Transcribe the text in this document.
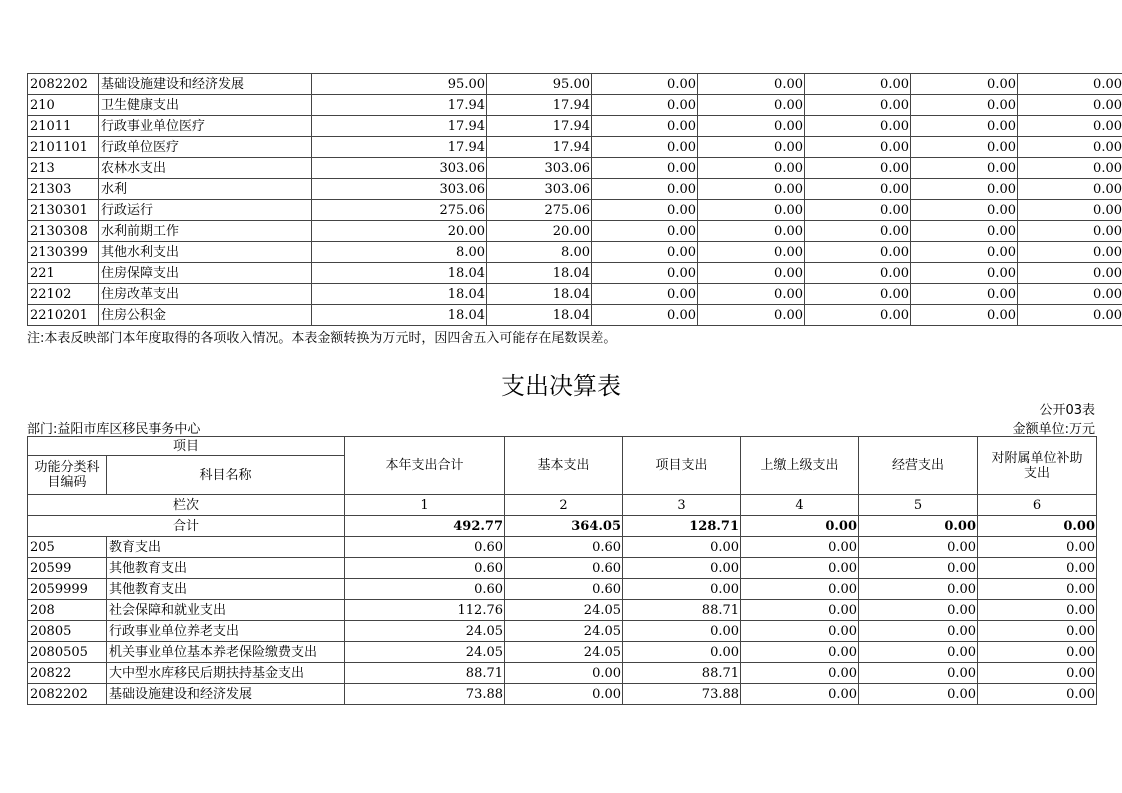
2082202	基础设施建设和经济发展	95.00	95.00	0.00	0.00	0.00	0.00	0.00
210	卫生健康支出	17.94	17.94	0.00	0.00	0.00	0.00	0.00
21011	行政事业单位医疗	17.94	17.94	0.00	0.00	0.00	0.00	0.00
2101101	行政单位医疗	17.94	17.94	0.00	0.00	0.00	0.00	0.00
213	农林水支出	303.06	303.06	0.00	0.00	0.00	0.00	0.00
21303	水利	303.06	303.06	0.00	0.00	0.00	0.00	0.00
2130301	行政运行	275.06	275.06	0.00	0.00	0.00	0.00	0.00
2130308	水利前期工作	20.00	20.00	0.00	0.00	0.00	0.00	0.00
2130399	其他水利支出	8.00	8.00	0.00	0.00	0.00	0.00	0.00
221	住房保障支出	18.04	18.04	0.00	0.00	0.00	0.00	0.00
22102	住房改革支出	18.04	18.04	0.00	0.00	0.00	0.00	0.00
2210201	住房公积金	18.04	18.04	0.00	0.00	0.00	0.00	0.00
注:本表反映部门本年度取得的各项收入情况。本表金额转换为万元时，因四舍五入可能存在尾数误差。
支出决算表
公开03表
部门:益阳市库区移民事务中心	金额单位:万元
项目		本年支出合计	基本支出	项目支出	上缴上级支出	经营支出	对附属单位补助支出
功能分类科目编码	科目名称						
栏次		1	2	3	4	5	6
合计		492.77	364.05	128.71	0.00	0.00	0.00
205	教育支出	0.60	0.60	0.00	0.00	0.00	0.00
20599	其他教育支出	0.60	0.60	0.00	0.00	0.00	0.00
2059999	其他教育支出	0.60	0.60	0.00	0.00	0.00	0.00
208	社会保障和就业支出	112.76	24.05	88.71	0.00	0.00	0.00
20805	行政事业单位养老支出	24.05	24.05	0.00	0.00	0.00	0.00
2080505	机关事业单位基本养老保险缴费支出	24.05	24.05	0.00	0.00	0.00	0.00
20822	大中型水库移民后期扶持基金支出	88.71	0.00	88.71	0.00	0.00	0.00
2082202	基础设施建设和经济发展	73.88	0.00	73.88	0.00	0.00	0.00
